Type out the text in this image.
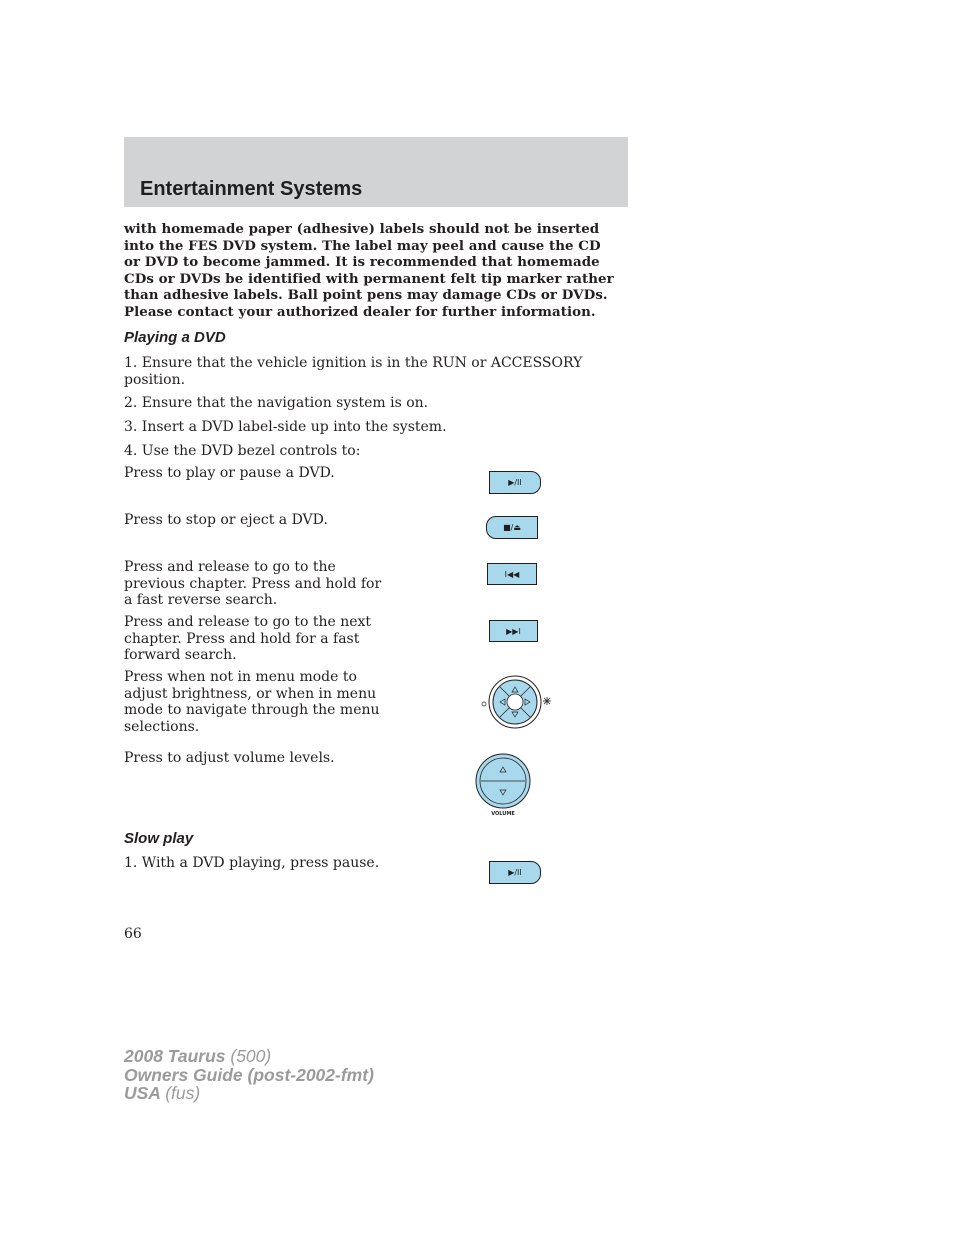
Entertainment Systems
with homemade paper (adhesive) labels should not be inserted
into the FES DVD system. The label may peel and cause the CD
or DVD to become jammed. It is recommended that homemade
CDs or DVDs be identified with permanent felt tip marker rather
than adhesive labels. Ball point pens may damage CDs or DVDs.
Please contact your authorized dealer for further information.
Playing a DVD
1. Ensure that the vehicle ignition is in the RUN or ACCESSORY
position.
2. Ensure that the navigation system is on.
3. Insert a DVD label-side up into the system.
4. Use the DVD bezel controls to:
Press to play or pause a DVD.
Press to stop or eject a DVD.
Press and release to go to the
previous chapter. Press and hold for
a fast reverse search.
Press and release to go to the next
chapter. Press and hold for a fast
forward search.
Press when not in menu mode to
adjust brightness, or when in menu
mode to navigate through the menu
selections.
Press to adjust volume levels.
▶/II
■/⏏
I◀◀
▶▶I
VOLUME
Slow play
1. With a DVD playing, press pause.
▶/II
66
2008 Taurus (500)
Owners Guide (post-2002-fmt)
USA (fus)
